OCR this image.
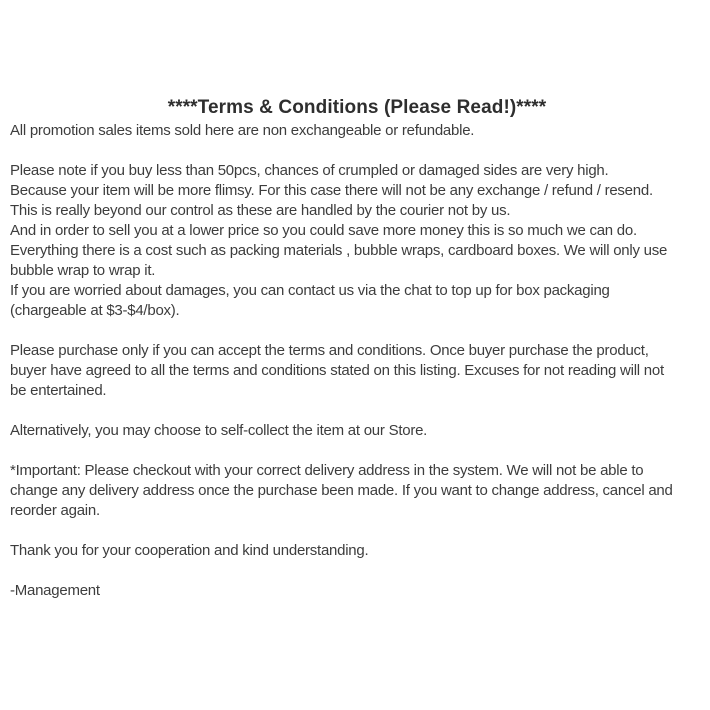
****Terms & Conditions (Please Read!)****
All promotion sales items sold here are non exchangeable or refundable.
Please note if you buy less than 50pcs, chances of crumpled or damaged sides are very high.
Because your item will be more flimsy. For this case there will not be any exchange / refund / resend.
This is really beyond our control as these are handled by the courier not by us.
And in order to sell you at a lower price so you could save more money this is so much we can do.
Everything there is a cost such as packing materials , bubble wraps, cardboard boxes. We will only use
bubble wrap to wrap it.
If you are worried about damages, you can contact us via the chat to top up for box packaging
(chargeable at $3-$4/box).
Please purchase only if you can accept the terms and conditions. Once buyer purchase the product,
buyer have agreed to all the terms and conditions stated on this listing. Excuses for not reading will not
be entertained.
Alternatively, you may choose to self-collect the item at our Store.
*Important: Please checkout with your correct delivery address in the system. We will not be able to
change any delivery address once the purchase been made. If you want to change address, cancel and
reorder again.
Thank you for your cooperation and kind understanding.
-Management
